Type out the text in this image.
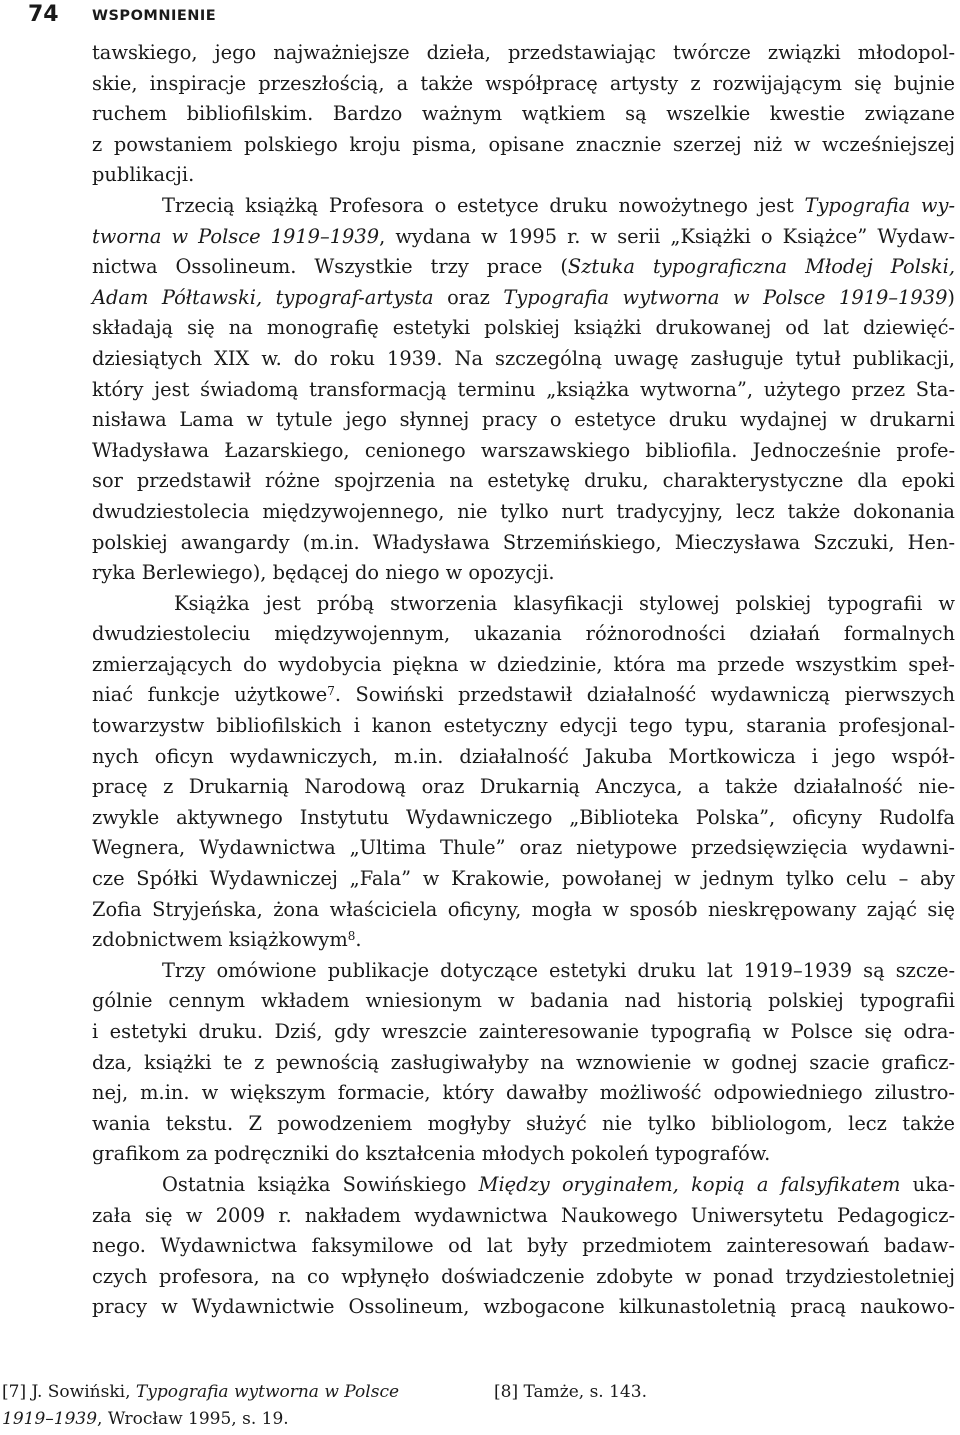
74 WSPOMNIENIE
tawskiego, jego najważniejsze dzieła, przedstawiając twórcze związki młodopol-
skie, inspiracje przeszłością, a także współpracę artysty z rozwijającym się bujnie
ruchem bibliofilskim. Bardzo ważnym wątkiem są wszelkie kwestie związane
z powstaniem polskiego kroju pisma, opisane znacznie szerzej niż w wcześniejszej
publikacji.
Trzecią książką Profesora o estetyce druku nowożytnego jest Typografia wy-
tworna w Polsce 1919–1939, wydana w 1995 r. w serii „Książki o Książce” Wydaw-
nictwa Ossolineum. Wszystkie trzy prace (Sztuka typograficzna Młodej Polski,
Adam Półtawski, typograf-artysta oraz Typografia wytworna w Polsce 1919–1939)
składają się na monografię estetyki polskiej książki drukowanej od lat dziewięć-
dziesiątych XIX w. do roku 1939. Na szczególną uwagę zasługuje tytuł publikacji,
który jest świadomą transformacją terminu „książka wytworna”, użytego przez Sta-
nisława Lama w tytule jego słynnej pracy o estetyce druku wydajnej w drukarni
Władysława Łazarskiego, cenionego warszawskiego bibliofila. Jednocześnie profe-
sor przedstawił różne spojrzenia na estetykę druku, charakterystyczne dla epoki
dwudziestolecia międzywojennego, nie tylko nurt tradycyjny, lecz także dokonania
polskiej awangardy (m.in. Władysława Strzemińskiego, Mieczysława Szczuki, Hen-
ryka Berlewiego), będącej do niego w opozycji.
Książka jest próbą stworzenia klasyfikacji stylowej polskiej typografii w
dwudziestoleciu międzywojennym, ukazania różnorodności działań formalnych
zmierzających do wydobycia piękna w dziedzinie, która ma przede wszystkim speł-
niać funkcje użytkowe$^7$. Sowiński przedstawił działalność wydawniczą pierwszych
towarzystw bibliofilskich i kanon estetyczny edycji tego typu, starania profesjonal-
nych oficyn wydawniczych, m.in. działalność Jakuba Mortkowicza i jego współ-
pracę z Drukarnią Narodową oraz Drukarnią Anczyca, a także działalność nie-
zwykle aktywnego Instytutu Wydawniczego „Biblioteka Polska”, oficyny Rudolfa
Wegnera, Wydawnictwa „Ultima Thule” oraz nietypowe przedsięwzięcia wydawni-
cze Spółki Wydawniczej „Fala” w Krakowie, powołanej w jednym tylko celu – aby
Zofia Stryjeńska, żona właściciela oficyny, mogła w sposób nieskrępowany zająć się
zdobnictwem książkowym$^8$.
Trzy omówione publikacje dotyczące estetyki druku lat 1919–1939 są szcze-
gólnie cennym wkładem wniesionym w badania nad historią polskiej typografii
i estetyki druku. Dziś, gdy wreszcie zainteresowanie typografią w Polsce się odra-
dza, książki te z pewnością zasługiwałyby na wznowienie w godnej szacie graficz-
nej, m.in. w większym formacie, który dawałby możliwość odpowiedniego zilustro-
wania tekstu. Z powodzeniem mogłyby służyć nie tylko bibliologom, lecz także
grafikom za podręczniki do kształcenia młodych pokoleń typografów.
Ostatnia książka Sowińskiego Między oryginałem, kopią a falsyfikatem uka-
zała się w 2009 r. nakładem wydawnictwa Naukowego Uniwersytetu Pedagogicz-
nego. Wydawnictwa faksymilowe od lat były przedmiotem zainteresowań badaw-
czych profesora, na co wpłynęło doświadczenie zdobyte w ponad trzydziestoletniej
pracy w Wydawnictwie Ossolineum, wzbogacone kilkunastoletnią pracą naukowo-
[7] J. Sowiński, Typografia wytworna w Polsce
1919–1939, Wrocław 1995, s. 19.
[8] Tamże, s. 143.
